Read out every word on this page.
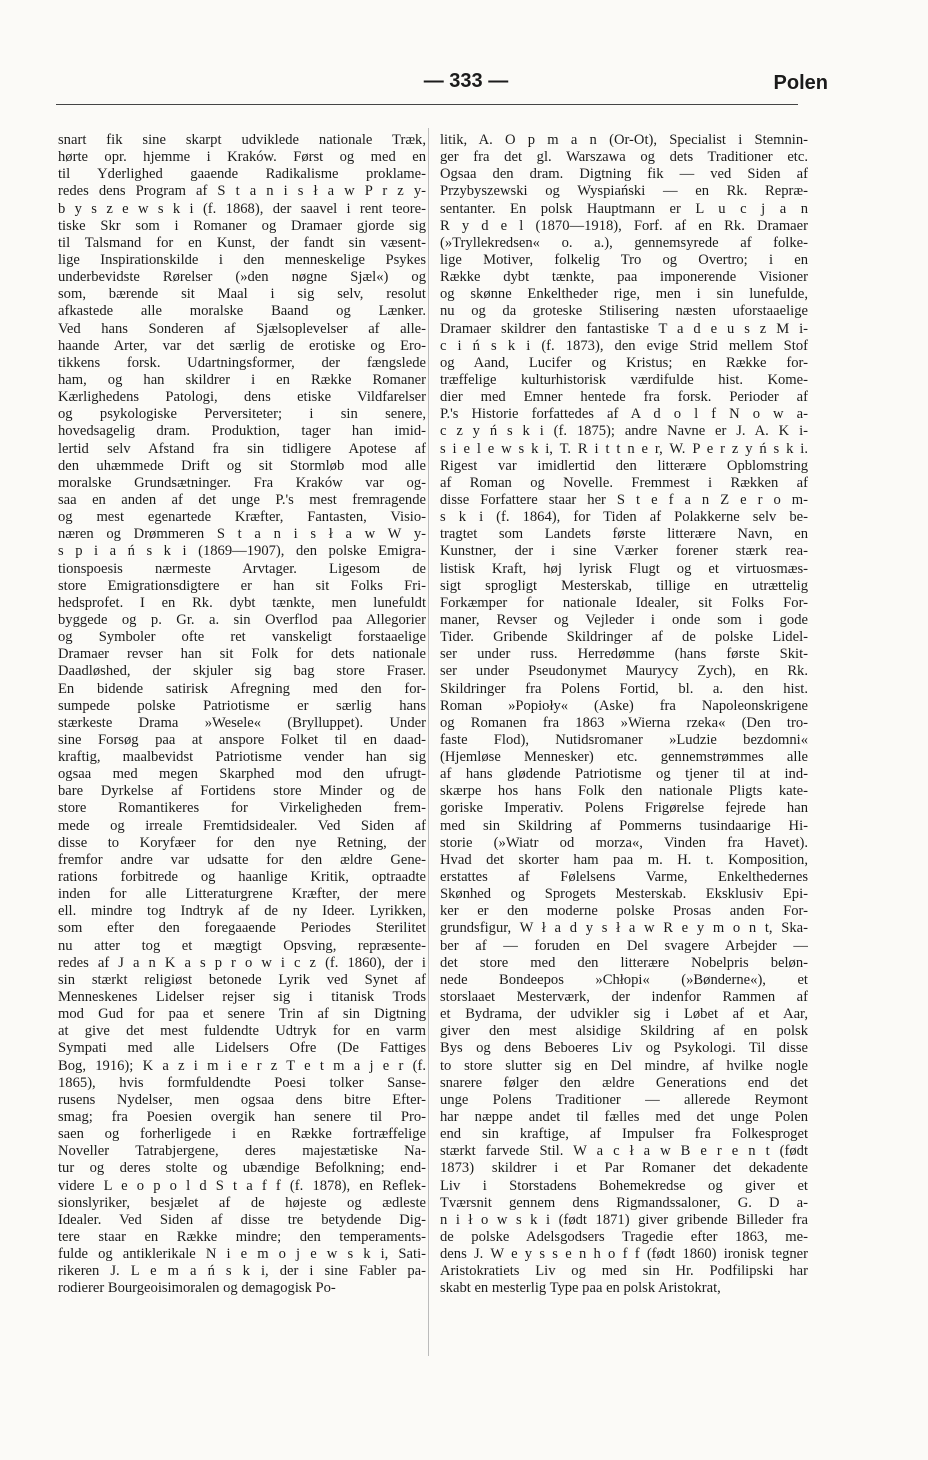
— 333 —	Polen
snart fik sine skarpt udviklede nationale Træk,
hørte opr. hjemme i Kraków. Først og med en
til Yderlighed gaaende Radikalisme proklame-
redes dens Program af S t a n i s ł a w P r z y-
b y s z e w s k i (f. 1868), der saavel i rent teore-
tiske Skr som i Romaner og Dramaer gjorde sig
til Talsmand for en Kunst, der fandt sin væsent-
lige Inspirationskilde i den menneskelige Psykes
underbevidste Rørelser (»den nøgne Sjæl«) og
som, bærende sit Maal i sig selv, resolut
afkastede alle moralske Baand og Lænker.
Ved hans Sonderen af Sjælsoplevelser af alle-
haande Arter, var det særlig de erotiske og Ero-
tikkens forsk. Udartningsformer, der fængslede
ham, og han skildrer i en Række Romaner
Kærlighedens Patologi, dens etiske Vildfarelser
og psykologiske Perversiteter; i sin senere,
hovedsagelig dram. Produktion, tager han imid-
lertid selv Afstand fra sin tidligere Apotese af
den uhæmmede Drift og sit Stormløb mod alle
moralske Grundsætninger. Fra Kraków var og-
saa en anden af det unge P.'s mest fremragende
og mest egenartede Kræfter, Fantasten, Visio-
næren og Drømmeren S t a n i s ł a w W y-
s p i a ń s k i (1869—1907), den polske Emigra-
tionspoesis nærmeste Arvtager. Ligesom de
store Emigrationsdigtere er han sit Folks Fri-
hedsprofet. I en Rk. dybt tænkte, men lunefuldt
byggede og p. Gr. a. sin Overflod paa Allegorier
og Symboler ofte ret vanskeligt forstaaelige
Dramaer revser han sit Folk for dets nationale
Daadløshed, der skjuler sig bag store Fraser.
En bidende satirisk Afregning med den for-
sumpede polske Patriotisme er særlig hans
stærkeste Drama »Wesele« (Brylluppet). Under
sine Forsøg paa at anspore Folket til en daad-
kraftig, maalbevidst Patriotisme vender han sig
ogsaa med megen Skarphed mod den ufrugt-
bare Dyrkelse af Fortidens store Minder og de
store Romantikeres for Virkeligheden frem-
mede og irreale Fremtidsidealer. Ved Siden af
disse to Koryfæer for den nye Retning, der
fremfor andre var udsatte for den ældre Gene-
rations forbitrede og haanlige Kritik, optraadte
inden for alle Litteraturgrene Kræfter, der mere
ell. mindre tog Indtryk af de ny Ideer. Lyrikken,
som efter den foregaaende Periodes Sterilitet
nu atter tog et mægtigt Opsving, repræsente-
redes af J a n K a s p r o w i c z (f. 1860), der i
sin stærkt religiøst betonede Lyrik ved Synet af
Menneskenes Lidelser rejser sig i titanisk Trods
mod Gud for paa et senere Trin af sin Digtning
at give det mest fuldendte Udtryk for en varm
Sympati med alle Lidelsers Ofre (De Fattiges
Bog, 1916); K a z i m i e r z T e t m a j e r (f.
1865), hvis formfuldendte Poesi tolker Sanse-
rusens Nydelser, men ogsaa dens bitre Efter-
smag; fra Poesien overgik han senere til Pro-
saen og forherligede i en Række fortræffelige
Noveller Tatrabjergene, deres majestætiske Na-
tur og deres stolte og ubændige Befolkning; end-
videre L e o p o l d S t a f f (f. 1878), en Reflek-
sionslyriker, besjælet af de højeste og ædleste
Idealer. Ved Siden af disse tre betydende Dig-
tere staar en Række mindre; den temperaments-
fulde og antiklerikale N i e m o j e w s k i, Sati-
rikeren J. L e m a ń s k i, der i sine Fabler pa-
rodierer Bourgeoisimoralen og demagogisk Po-
litik, A. O p m a n (Or-Ot), Specialist i Stemnin-
ger fra det gl. Warszawa og dets Traditioner etc.
Ogsaa den dram. Digtning fik — ved Siden af
Przybyszewski og Wyspiański — en Rk. Repræ-
sentanter. En polsk Hauptmann er L u c j a n
R y d e l (1870—1918), Forf. af en Rk. Dramaer
(»Tryllekredsen« o. a.), gennemsyrede af folke-
lige Motiver, folkelig Tro og Overtro; i en
Række dybt tænkte, paa imponerende Visioner
og skønne Enkeltheder rige, men i sin lunefulde,
nu og da groteske Stilisering næsten uforstaaelige
Dramaer skildrer den fantastiske T a d e u s z M i-
c i ń s k i (f. 1873), den evige Strid mellem Stof
og Aand, Lucifer og Kristus; en Række for-
træffelige kulturhistorisk værdifulde hist. Kome-
dier med Emner hentede fra forsk. Perioder af
P.'s Historie forfattedes af A d o l f N o w a-
c z y ń s k i (f. 1875); andre Navne er J. A. K i-
s i e l e w s k i, T. R i t t n e r, W. P e r z y ń s k i.
Rigest var imidlertid den litterære Opblomstring
af Roman og Novelle. Fremmest i Rækken af
disse Forfattere staar her S t e f a n Z e r o m-
s k i (f. 1864), for Tiden af Polakkerne selv be-
tragtet som Landets første litterære Navn, en
Kunstner, der i sine Værker forener stærk rea-
listisk Kraft, høj lyrisk Flugt og et virtuosmæs-
sigt sprogligt Mesterskab, tillige en utrættelig
Forkæmper for nationale Idealer, sit Folks For-
maner, Revser og Vejleder i onde som i gode
Tider. Gribende Skildringer af de polske Lidel-
ser under russ. Herredømme (hans første Skit-
ser under Pseudonymet Maurycy Zych), en Rk.
Skildringer fra Polens Fortid, bl. a. den hist.
Roman »Popioły« (Aske) fra Napoleonskrigene
og Romanen fra 1863 »Wierna rzeka« (Den tro-
faste Flod), Nutidsromaner »Ludzie bezdomni«
(Hjemløse Mennesker) etc. gennemstrømmes alle
af hans glødende Patriotisme og tjener til at ind-
skærpe hos hans Folk den nationale Pligts kate-
goriske Imperativ. Polens Frigørelse fejrede han
med sin Skildring af Pommerns tusindaarige Hi-
storie (»Wiatr od morza«, Vinden fra Havet).
Hvad det skorter ham paa m. H. t. Komposition,
erstattes af Følelsens Varme, Enkelthedernes
Skønhed og Sprogets Mesterskab. Eksklusiv Epi-
ker er den moderne polske Prosas anden For-
grundsfigur, W ł a d y s ł a w R e y m o n t, Ska-
ber af — foruden en Del svagere Arbejder —
det store med den litterære Nobelpris beløn-
nede Bondeepos »Chłopi« (»Bønderne«), et
storslaaet Mesterværk, der indenfor Rammen af
et Bydrama, der udvikler sig i Løbet af et Aar,
giver den mest alsidige Skildring af en polsk
Bys og dens Beboeres Liv og Psykologi. Til disse
to store slutter sig en Del mindre, af hvilke nogle
snarere følger den ældre Generations end det
unge Polens Traditioner — allerede Reymont
har næppe andet til fælles med det unge Polen
end sin kraftige, af Impulser fra Folkesproget
stærkt farvede Stil. W a c ł a w B e r e n t (født
1873) skildrer i et Par Romaner det dekadente
Liv i Storstadens Bohemekredse og giver et
Tværsnit gennem dens Rigmandssaloner, G. D a-
n i ł o w s k i (født 1871) giver gribende Billeder fra
de polske Adelsgodsers Tragedie efter 1863, me-
dens J. W e y s s e n h o f f (født 1860) ironisk tegner
Aristokratiets Liv og med sin Hr. Podfilipski har
skabt en mesterlig Type paa en polsk Aristokrat,
